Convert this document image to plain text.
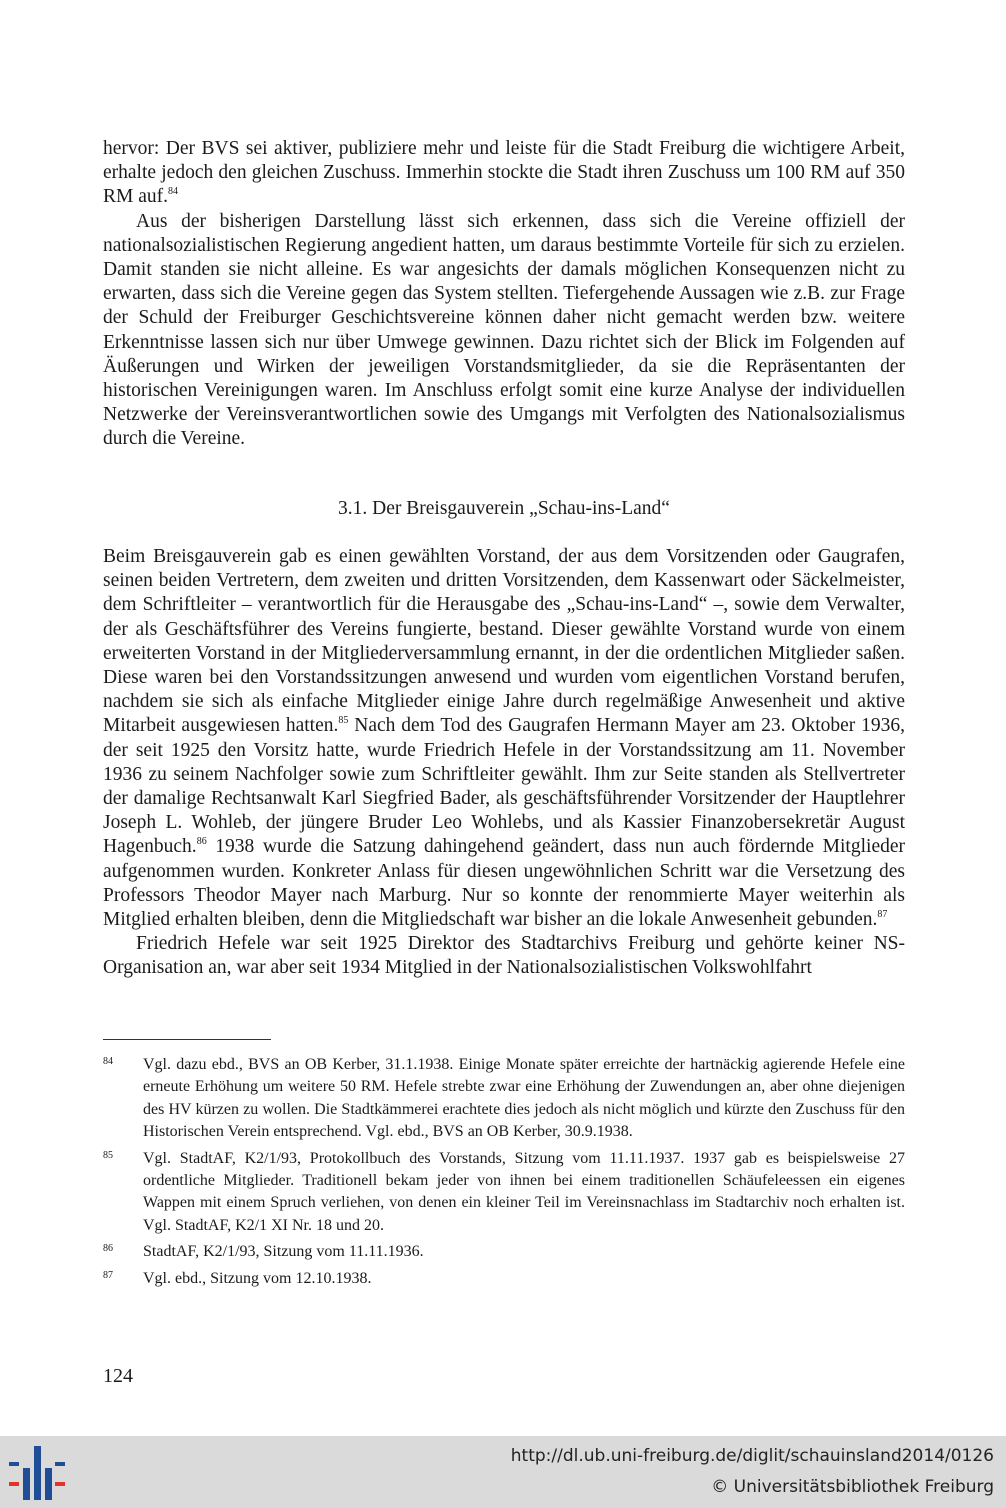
hervor: Der BVS sei aktiver, publiziere mehr und leiste für die Stadt Freiburg die wichtigere Arbeit, erhalte jedoch den gleichen Zuschuss. Immerhin stockte die Stadt ihren Zuschuss um 100 RM auf 350 RM auf.$^{84}$

Aus der bisherigen Darstellung lässt sich erkennen, dass sich die Vereine offiziell der nationalsozialistischen Regierung angedient hatten, um daraus bestimmte Vorteile für sich zu erzielen. Damit standen sie nicht alleine. Es war angesichts der damals möglichen Konsequenzen nicht zu erwarten, dass sich die Vereine gegen das System stellten. Tiefergehende Aussagen wie z.B. zur Frage der Schuld der Freiburger Geschichtsvereine können daher nicht gemacht werden bzw. weitere Erkenntnisse lassen sich nur über Umwege gewinnen. Dazu richtet sich der Blick im Folgenden auf Äußerungen und Wirken der jeweiligen Vorstandsmitglieder, da sie die Repräsentanten der historischen Vereinigungen waren. Im Anschluss erfolgt somit eine kurze Analyse der individuellen Netzwerke der Vereinsverantwortlichen sowie des Umgangs mit Verfolgten des Nationalsozialismus durch die Vereine.

3.1. Der Breisgauverein „Schau-ins-Land“

Beim Breisgauverein gab es einen gewählten Vorstand, der aus dem Vorsitzenden oder Gaugrafen, seinen beiden Vertretern, dem zweiten und dritten Vorsitzenden, dem Kassenwart oder Säckelmeister, dem Schriftleiter – verantwortlich für die Herausgabe des „Schau-ins-Land“ –, sowie dem Verwalter, der als Geschäftsführer des Vereins fungierte, bestand. Dieser gewählte Vorstand wurde von einem erweiterten Vorstand in der Mitgliederversammlung ernannt, in der die ordentlichen Mitglieder saßen. Diese waren bei den Vorstandssitzungen anwesend und wurden vom eigentlichen Vorstand berufen, nachdem sie sich als einfache Mitglieder einige Jahre durch regelmäßige Anwesenheit und aktive Mitarbeit ausgewiesen hatten.$^{85}$ Nach dem Tod des Gaugrafen Hermann Mayer am 23. Oktober 1936, der seit 1925 den Vorsitz hatte, wurde Friedrich Hefele in der Vorstandssitzung am 11. November 1936 zu seinem Nachfolger sowie zum Schriftleiter gewählt. Ihm zur Seite standen als Stellvertreter der damalige Rechtsanwalt Karl Siegfried Bader, als geschäftsführender Vorsitzender der Hauptlehrer Joseph L. Wohleb, der jüngere Bruder Leo Wohlebs, und als Kassier Finanzobersekretär August Hagenbuch.$^{86}$ 1938 wurde die Satzung dahingehend geändert, dass nun auch fördernde Mitglieder aufgenommen wurden. Konkreter Anlass für diesen ungewöhnlichen Schritt war die Versetzung des Professors Theodor Mayer nach Marburg. Nur so konnte der renommierte Mayer weiterhin als Mitglied erhalten bleiben, denn die Mitgliedschaft war bisher an die lokale Anwesenheit gebunden.$^{87}$

Friedrich Hefele war seit 1925 Direktor des Stadtarchivs Freiburg und gehörte keiner NS-Organisation an, war aber seit 1934 Mitglied in der Nationalsozialistischen Volkswohlfahrt

84	Vgl. dazu ebd., BVS an OB Kerber, 31.1.1938. Einige Monate später erreichte der hartnäckig agierende Hefele eine erneute Erhöhung um weitere 50 RM. Hefele strebte zwar eine Erhöhung der Zuwendungen an, aber ohne diejenigen des HV kürzen zu wollen. Die Stadtkämmerei erachtete dies jedoch als nicht möglich und kürzte den Zuschuss für den Historischen Verein entsprechend. Vgl. ebd., BVS an OB Kerber, 30.9.1938.
85	Vgl. StadtAF, K2/1/93, Protokollbuch des Vorstands, Sitzung vom 11.11.1937. 1937 gab es beispielsweise 27 ordentliche Mitglieder. Traditionell bekam jeder von ihnen bei einem traditionellen Schäufeleessen ein eigenes Wappen mit einem Spruch verliehen, von denen ein kleiner Teil im Vereinsnachlass im Stadtarchiv noch erhalten ist. Vgl. StadtAF, K2/1 XI Nr. 18 und 20.
86	StadtAF, K2/1/93, Sitzung vom 11.11.1936.
87	Vgl. ebd., Sitzung vom 12.10.1938.
124
http://dl.ub.uni-freiburg.de/diglit/schauinsland2014/0126
© Universitätsbibliothek Freiburg
